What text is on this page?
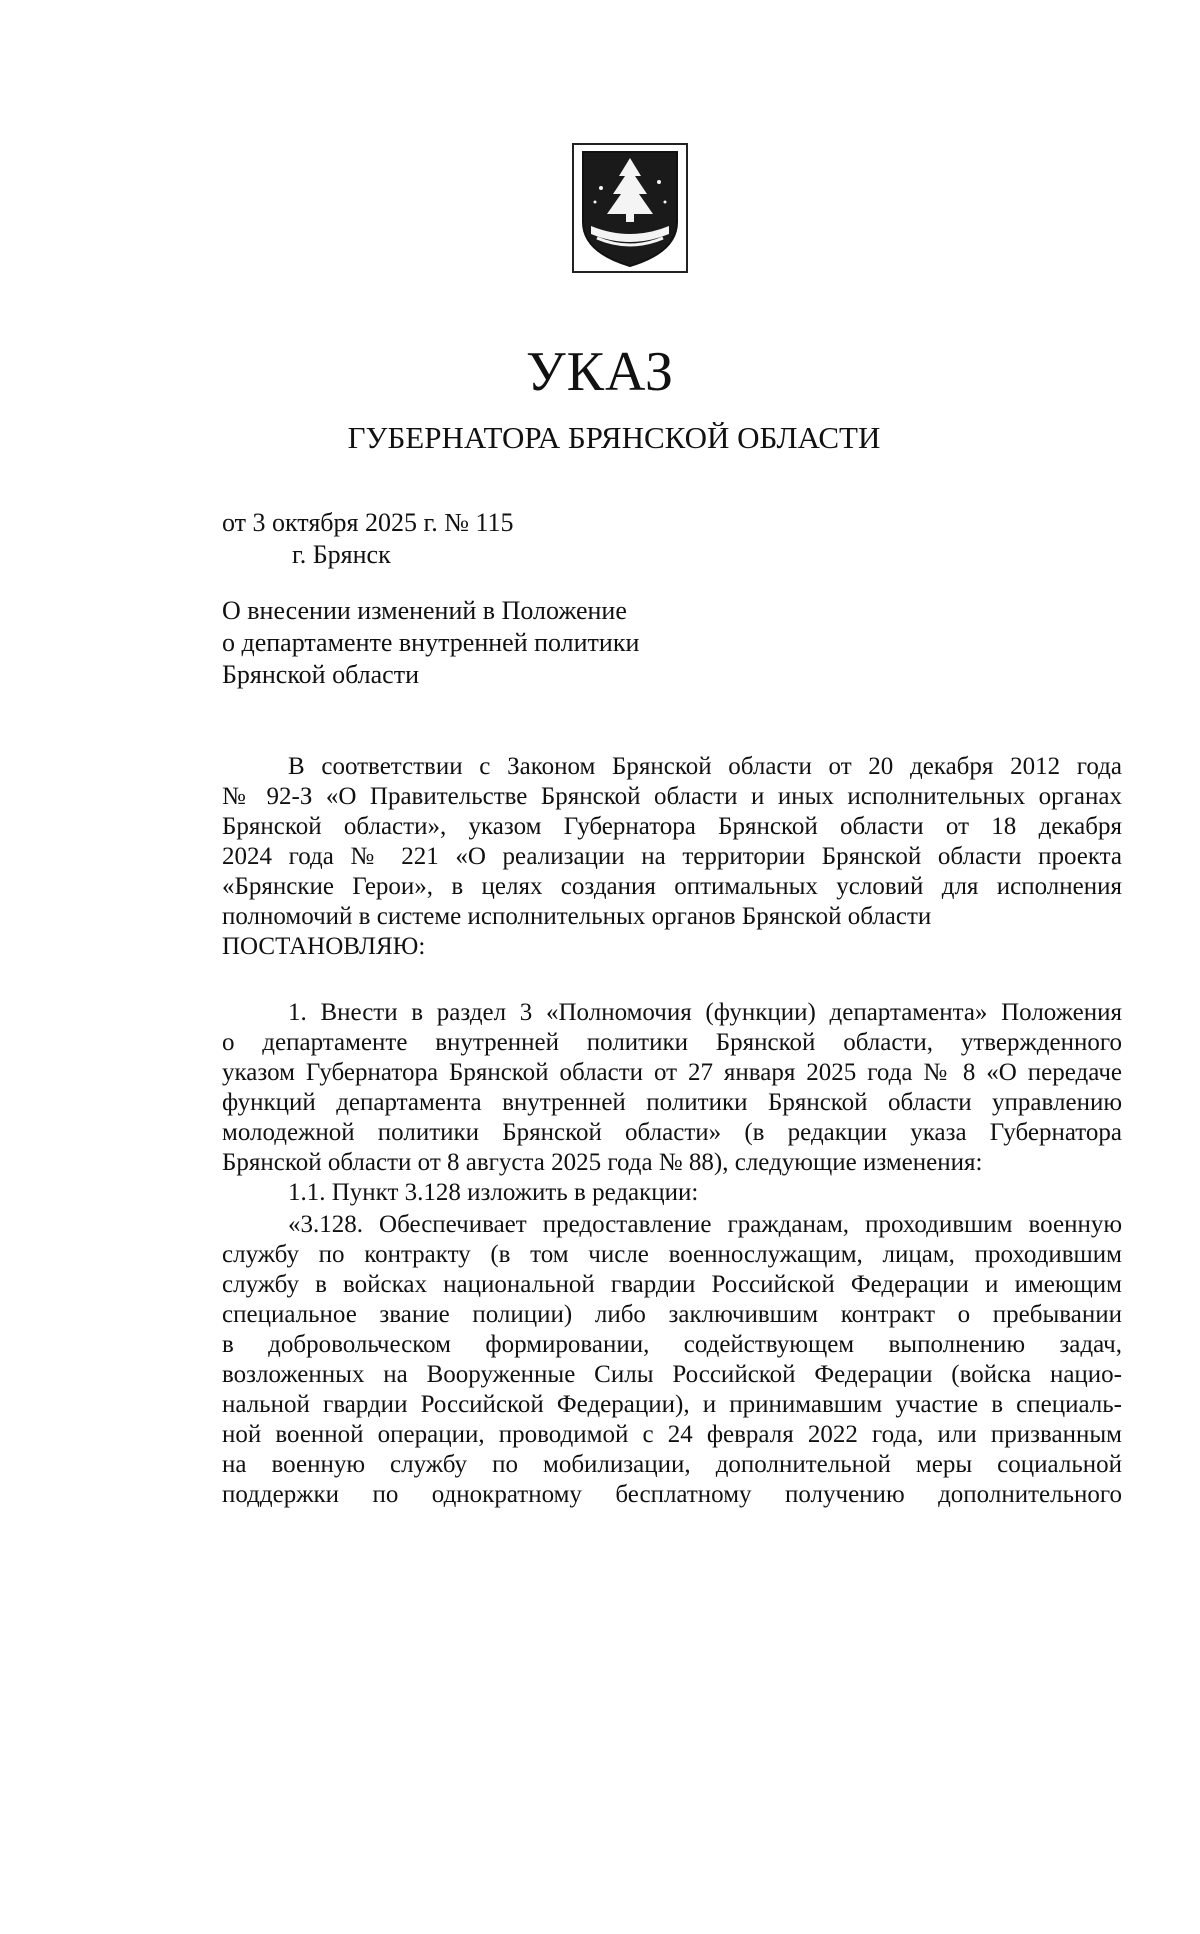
УКАЗ
ГУБЕРНАТОРА БРЯНСКОЙ ОБЛАСТИ
от 3 октября 2025 г. № 115
г. Брянск
О внесении изменений в Положение
о департаменте внутренней политики
Брянской области
В соответствии с Законом Брянской области от 20 декабря 2012 года
№ 92-З «О Правительстве Брянской области и иных исполнительных органах
Брянской области», указом Губернатора Брянской области от 18 декабря
2024 года № 221 «О реализации на территории Брянской области проекта
«Брянские Герои», в целях создания оптимальных условий для исполнения
полномочий в системе исполнительных органов Брянской области
ПОСТАНОВЛЯЮ:
1. Внести в раздел 3 «Полномочия (функции) департамента» Положения
о департаменте внутренней политики Брянской области, утвержденного
указом Губернатора Брянской области от 27 января 2025 года № 8 «О передаче
функций департамента внутренней политики Брянской области управлению
молодежной политики Брянской области» (в редакции указа Губернатора
Брянской области от 8 августа 2025 года № 88), следующие изменения:
1.1. Пункт 3.128 изложить в редакции:
«3.128. Обеспечивает предоставление гражданам, проходившим военную
службу по контракту (в том числе военнослужащим, лицам, проходившим
службу в войсках национальной гвардии Российской Федерации и имеющим
специальное звание полиции) либо заключившим контракт о пребывании
в добровольческом формировании, содействующем выполнению задач,
возложенных на Вооруженные Силы Российской Федерации (войска нацио-
нальной гвардии Российской Федерации), и принимавшим участие в специаль-
ной военной операции, проводимой с 24 февраля 2022 года, или призванным
на военную службу по мобилизации, дополнительной меры социальной
поддержки по однократному бесплатному получению дополнительного
